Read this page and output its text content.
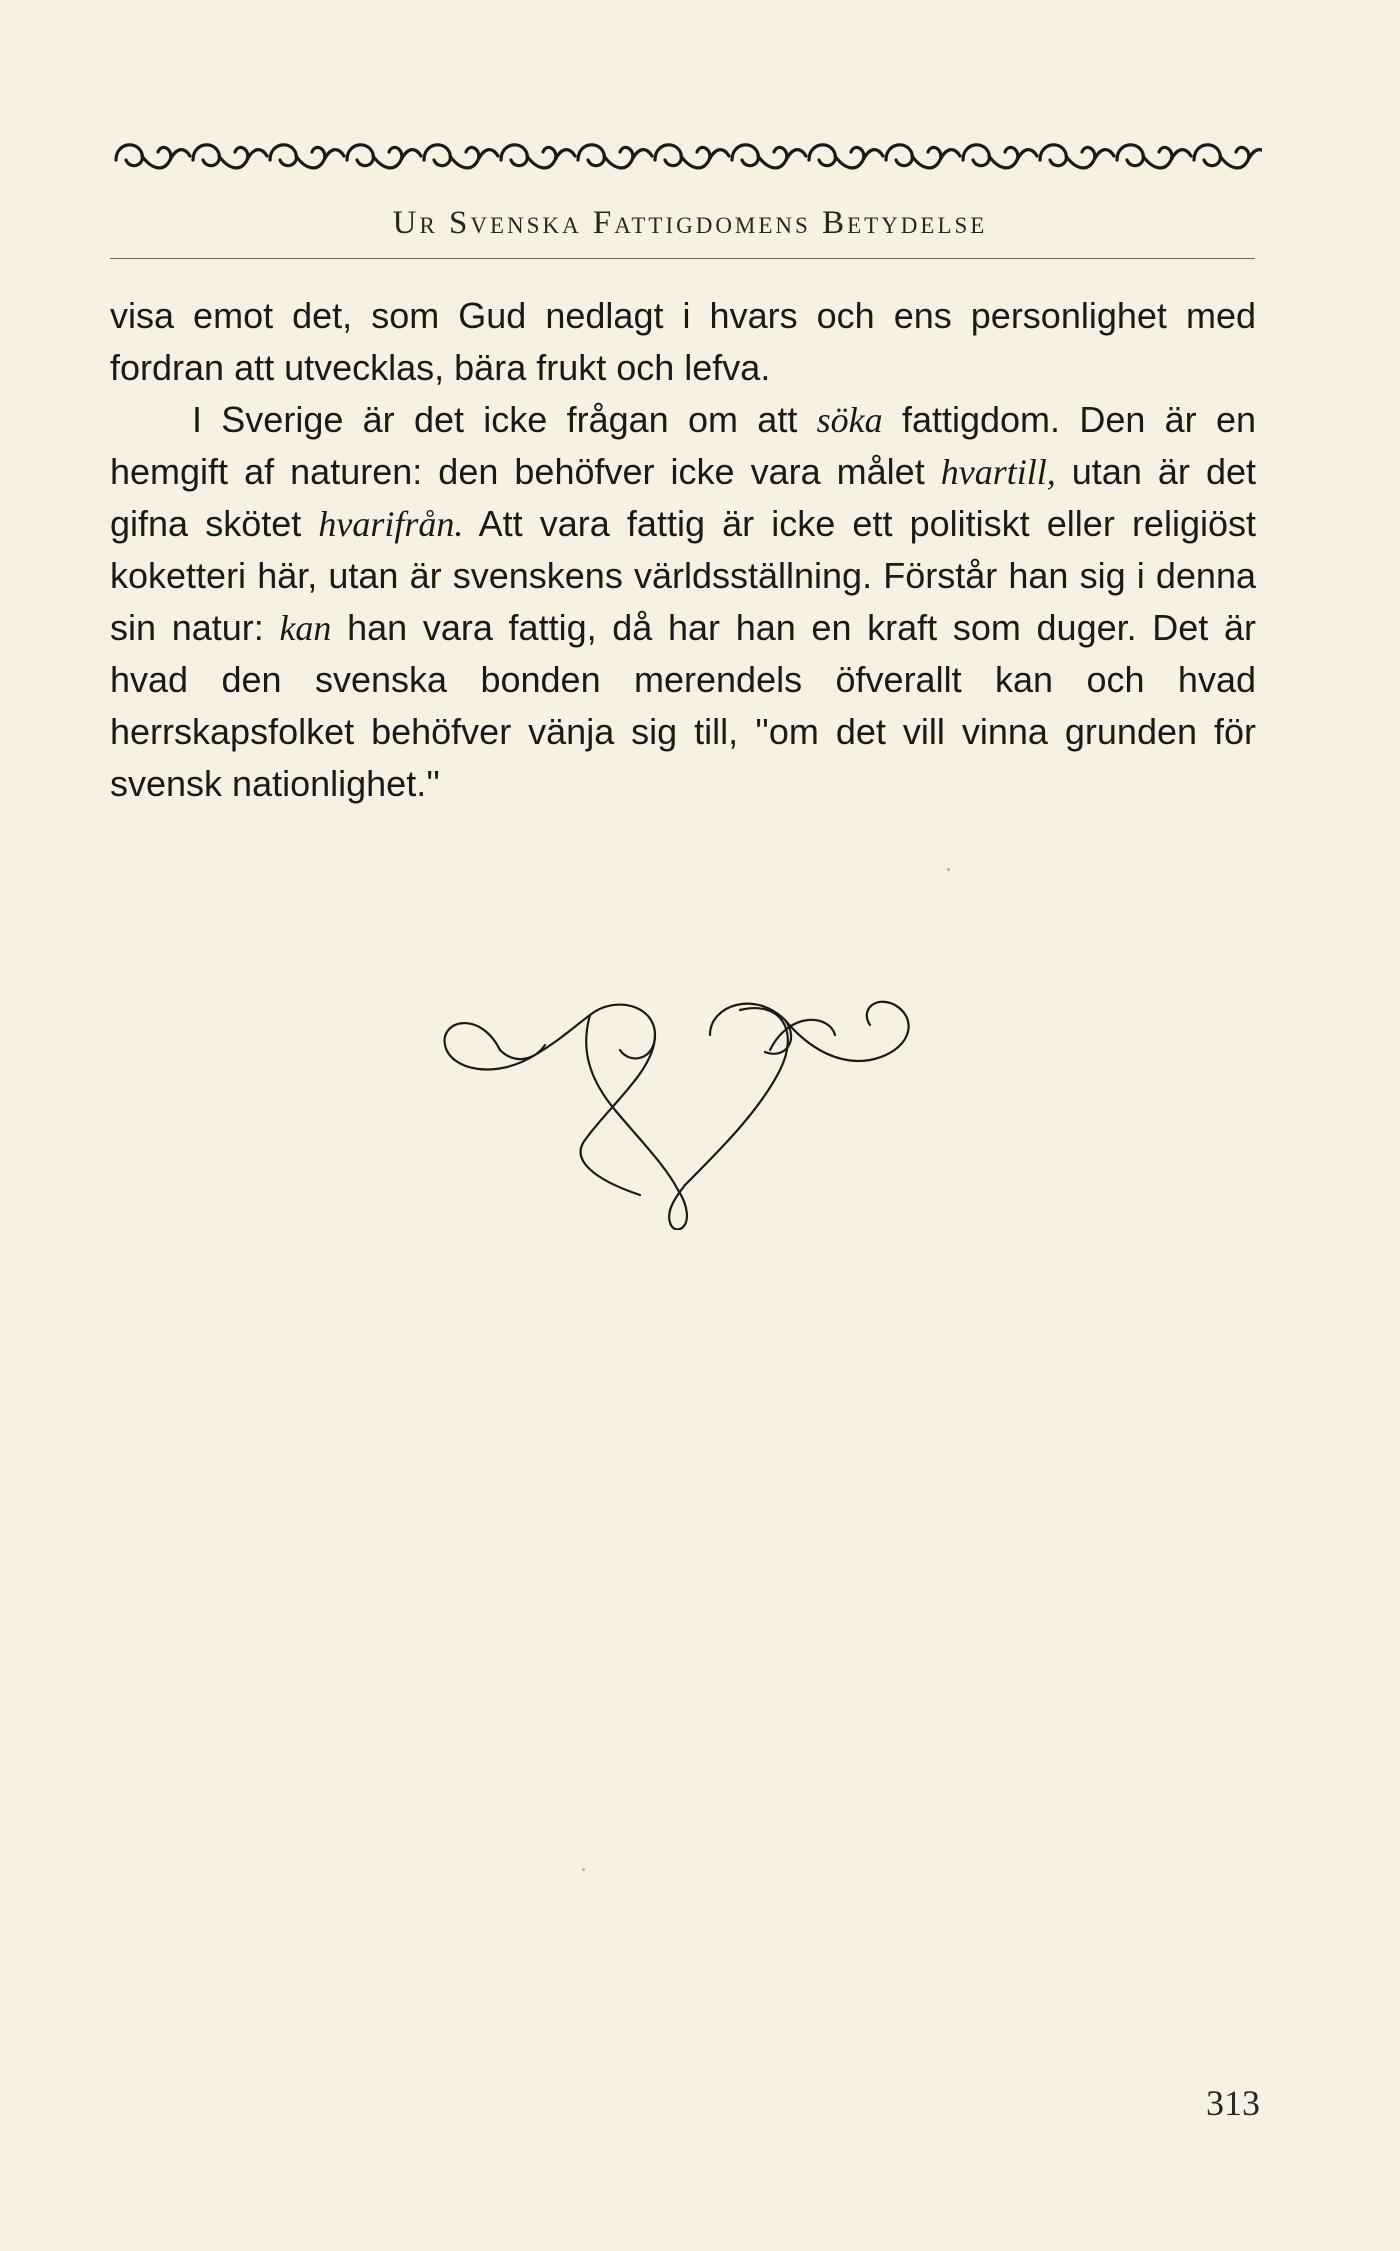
Ur Svenska Fattigdomens Betydelse

visa emot det, som Gud nedlagt i hvars och ens personlighet med fordran att utvecklas, bära frukt och lefva.

I Sverige är det icke frågan om att söka fattigdom. Den är en hemgift af naturen: den behöfver icke vara målet hvartill, utan är det gifna skötet hvarifrån. Att vara fattig är icke ett politiskt eller religiöst koketteri här, utan är svenskens världsställning. Förstår han sig i denna sin natur: kan han vara fattig, då har han en kraft som duger. Det är hvad den svenska bonden merendels öfverallt kan och hvad herrskapsfolket behöfver vänja sig till, ''om det vill vinna grunden för svensk nationlighet.''

313
